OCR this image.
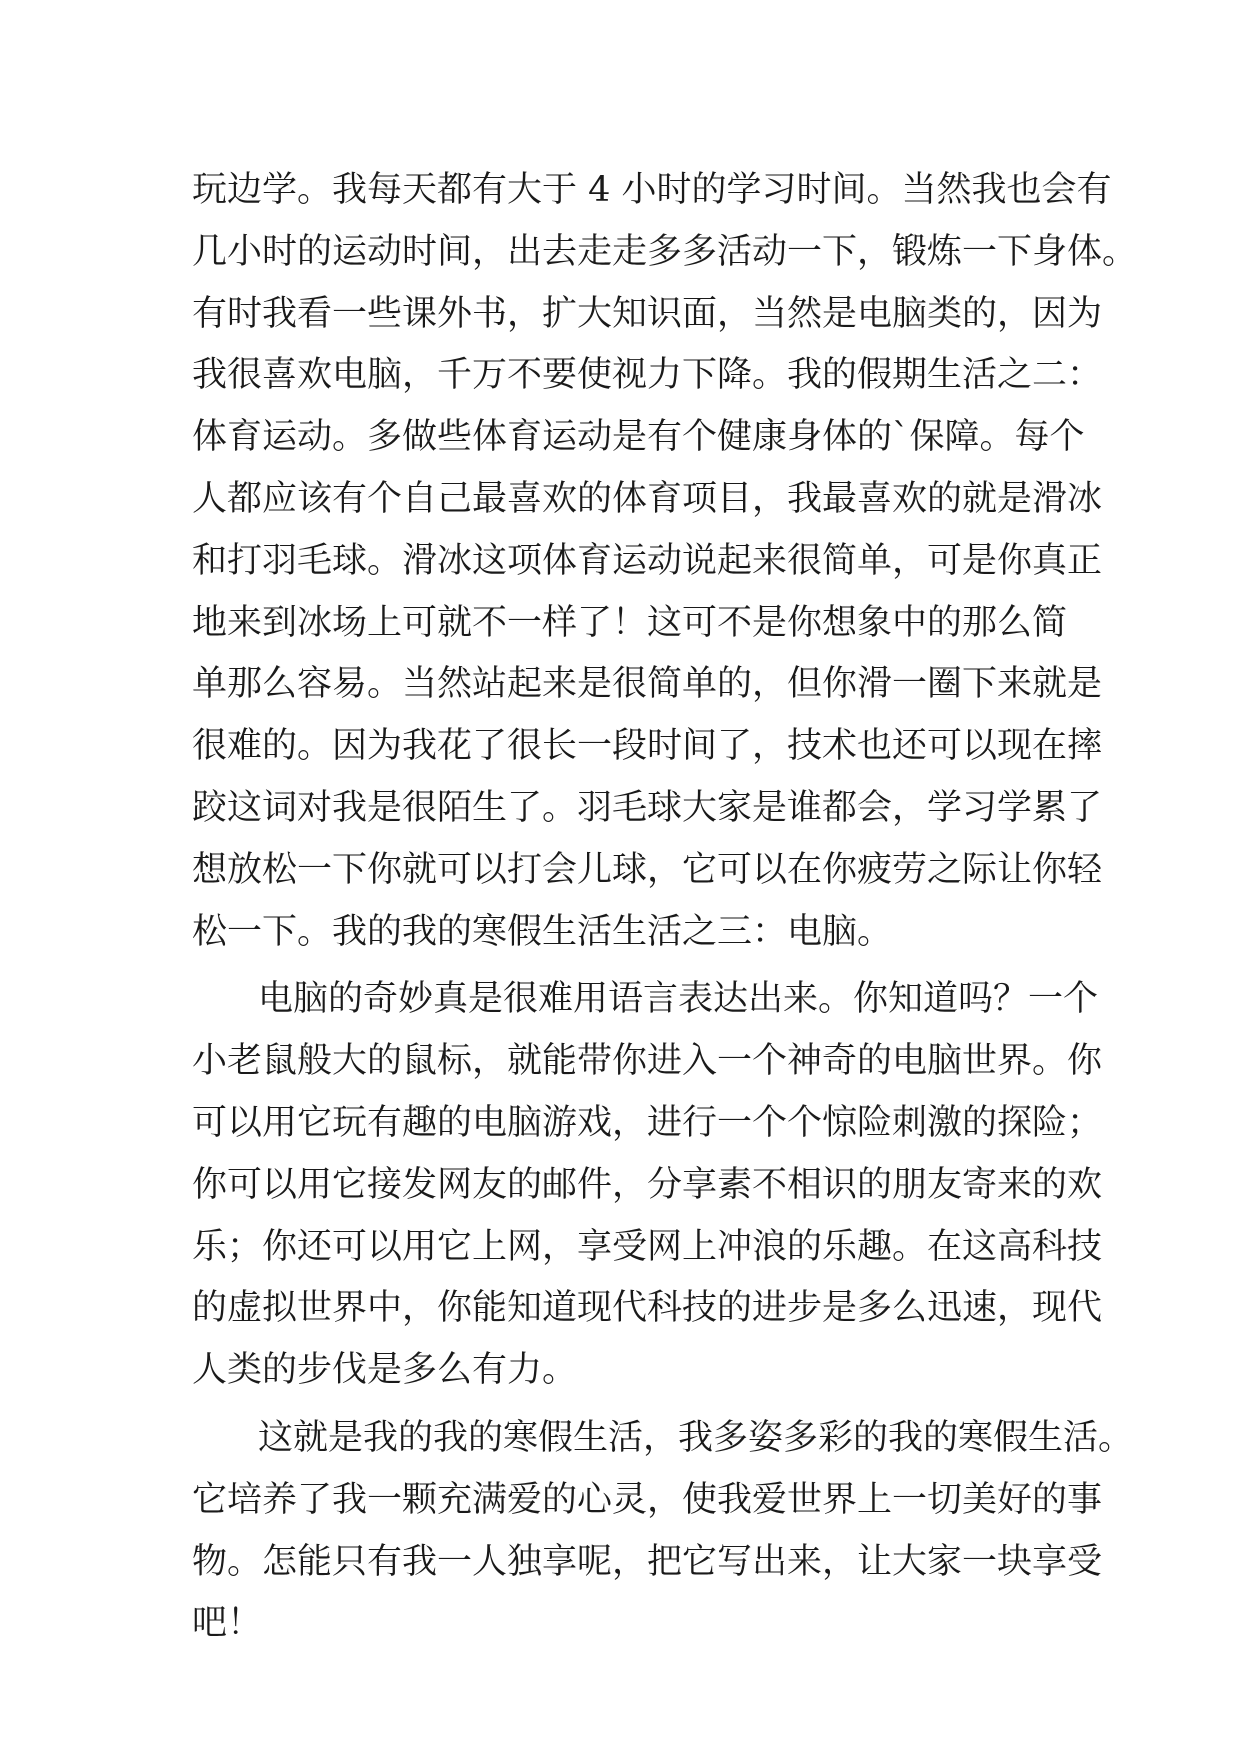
玩边学。我每天都有大于 4 小时的学习时间。当然我也会有
几小时的运动时间，出去走走多多活动一下，锻炼一下身体。
有时我看一些课外书，扩大知识面，当然是电脑类的，因为
我很喜欢电脑，千万不要使视力下降。我的假期生活之二：
体育运动。多做些体育运动是有个健康身体的`保障。每个
人都应该有个自己最喜欢的体育项目，我最喜欢的就是滑冰
和打羽毛球。滑冰这项体育运动说起来很简单，可是你真正
地来到冰场上可就不一样了！这可不是你想象中的那么简
单那么容易。当然站起来是很简单的，但你滑一圈下来就是
很难的。因为我花了很长一段时间了，技术也还可以现在摔
跤这词对我是很陌生了。羽毛球大家是谁都会，学习学累了
想放松一下你就可以打会儿球，它可以在你疲劳之际让你轻
松一下。我的我的寒假生活生活之三：电脑。
电脑的奇妙真是很难用语言表达出来。你知道吗？一个
小老鼠般大的鼠标，就能带你进入一个神奇的电脑世界。你
可以用它玩有趣的电脑游戏，进行一个个惊险刺激的探险；
你可以用它接发网友的邮件，分享素不相识的朋友寄来的欢
乐；你还可以用它上网，享受网上冲浪的乐趣。在这高科技
的虚拟世界中，你能知道现代科技的进步是多么迅速，现代
人类的步伐是多么有力。
这就是我的我的寒假生活，我多姿多彩的我的寒假生活。
它培养了我一颗充满爱的心灵，使我爱世界上一切美好的事
物。怎能只有我一人独享呢，把它写出来，让大家一块享受
吧！
